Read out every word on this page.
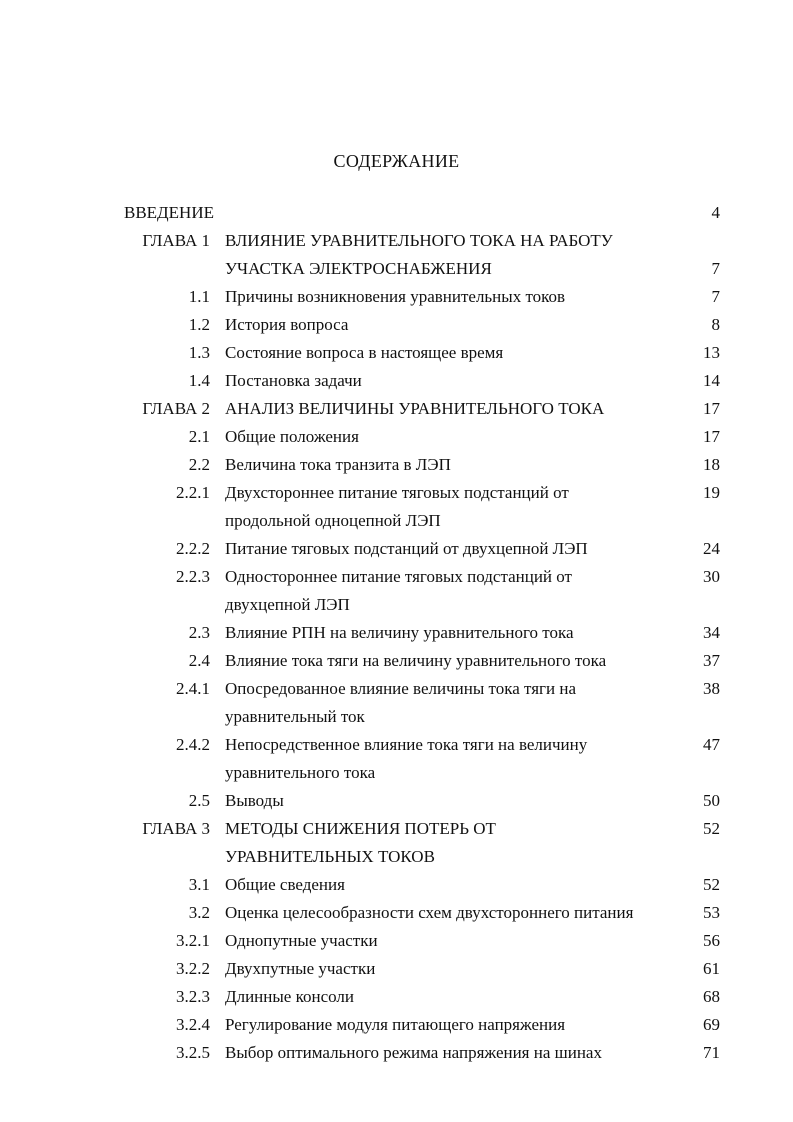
СОДЕРЖАНИЕ
ВВЕДЕНИЕ	4
ГЛАВА 1 ВЛИЯНИЕ УРАВНИТЕЛЬНОГО ТОКА НА РАБОТУ
УЧАСТКА ЭЛЕКТРОСНАБЖЕНИЯ	7
1.1 Причины возникновения уравнительных токов	7
1.2 История вопроса	8
1.3 Состояние вопроса в настоящее время	13
1.4 Постановка задачи	14
ГЛАВА 2 АНАЛИЗ ВЕЛИЧИНЫ УРАВНИТЕЛЬНОГО ТОКА	17
2.1 Общие положения	17
2.2 Величина тока транзита в ЛЭП	18
2.2.1 Двухстороннее питание тяговых подстанций от	19
продольной одноцепной ЛЭП
2.2.2 Питание тяговых подстанций от двухцепной ЛЭП	24
2.2.3 Одностороннее питание тяговых подстанций от	30
двухцепной ЛЭП
2.3 Влияние РПН на величину уравнительного тока	34
2.4 Влияние тока тяги на величину уравнительного тока	37
2.4.1 Опосредованное влияние величины тока тяги на	38
уравнительный ток
2.4.2 Непосредственное влияние тока тяги на величину	47
уравнительного тока
2.5 Выводы	50
ГЛАВА 3 МЕТОДЫ СНИЖЕНИЯ ПОТЕРЬ ОТ	52
УРАВНИТЕЛЬНЫХ ТОКОВ
3.1 Общие сведения	52
3.2 Оценка целесообразности схем двухстороннего питания	53
3.2.1 Однопутные участки	56
3.2.2 Двухпутные участки	61
3.2.3 Длинные консоли	68
3.2.4 Регулирование модуля питающего напряжения	69
3.2.5 Выбор оптимального режима напряжения на шинах	71
